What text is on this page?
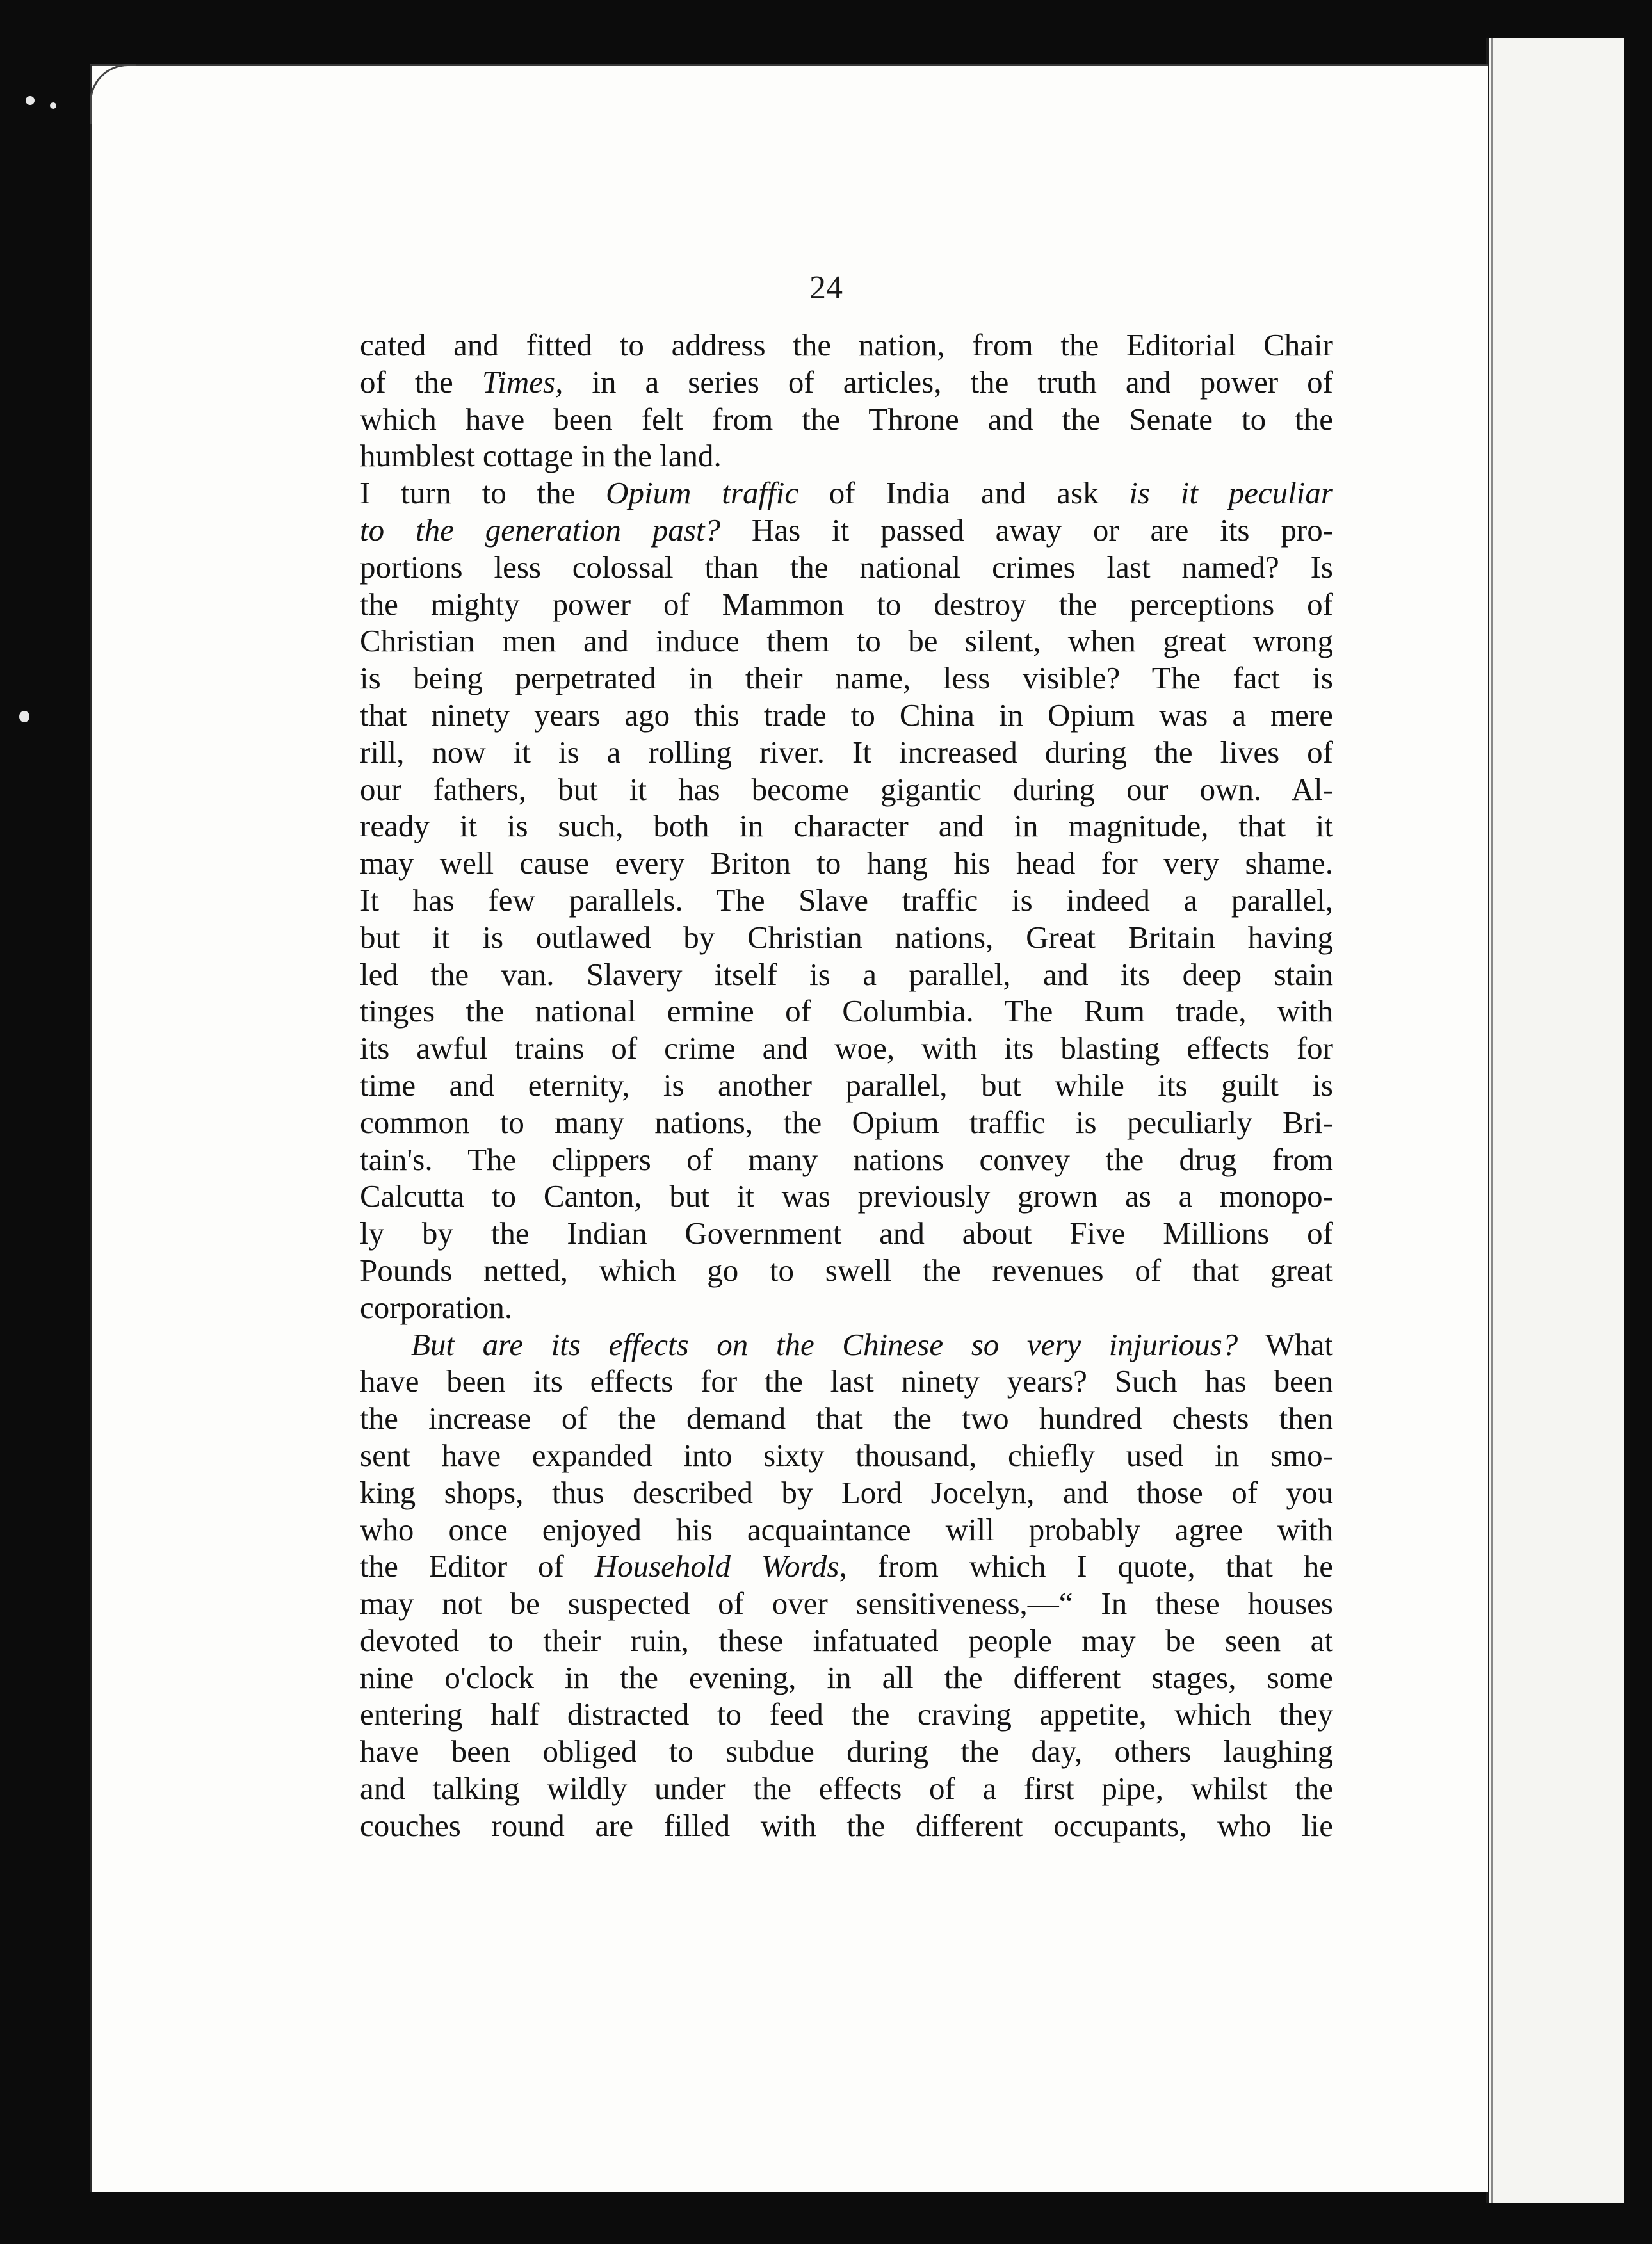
24
cated and fitted to address the nation, from the Editorial Chair
of the Times, in a series of articles, the truth and power of
which have been felt from the Throne and the Senate to the
humblest cottage in the land.
I turn to the Opium traffic of India and ask is it peculiar
to the generation past? Has it passed away or are its pro-
portions less colossal than the national crimes last named? Is
the mighty power of Mammon to destroy the perceptions of
Christian men and induce them to be silent, when great wrong
is being perpetrated in their name, less visible? The fact is
that ninety years ago this trade to China in Opium was a mere
rill, now it is a rolling river. It increased during the lives of
our fathers, but it has become gigantic during our own. Al-
ready it is such, both in character and in magnitude, that it
may well cause every Briton to hang his head for very shame.
It has few parallels. The Slave traffic is indeed a parallel,
but it is outlawed by Christian nations, Great Britain having
led the van. Slavery itself is a parallel, and its deep stain
tinges the national ermine of Columbia. The Rum trade, with
its awful trains of crime and woe, with its blasting effects for
time and eternity, is another parallel, but while its guilt is
common to many nations, the Opium traffic is peculiarly Bri-
tain's. The clippers of many nations convey the drug from
Calcutta to Canton, but it was previously grown as a monopo-
ly by the Indian Government and about Five Millions of
Pounds netted, which go to swell the revenues of that great
corporation.
But are its effects on the Chinese so very injurious? What
have been its effects for the last ninety years? Such has been
the increase of the demand that the two hundred chests then
sent have expanded into sixty thousand, chiefly used in smo-
king shops, thus described by Lord Jocelyn, and those of you
who once enjoyed his acquaintance will probably agree with
the Editor of Household Words, from which I quote, that he
may not be suspected of over sensitiveness,—“ In these houses
devoted to their ruin, these infatuated people may be seen at
nine o'clock in the evening, in all the different stages, some
entering half distracted to feed the craving appetite, which they
have been obliged to subdue during the day, others laughing
and talking wildly under the effects of a first pipe, whilst the
couches round are filled with the different occupants, who lie
